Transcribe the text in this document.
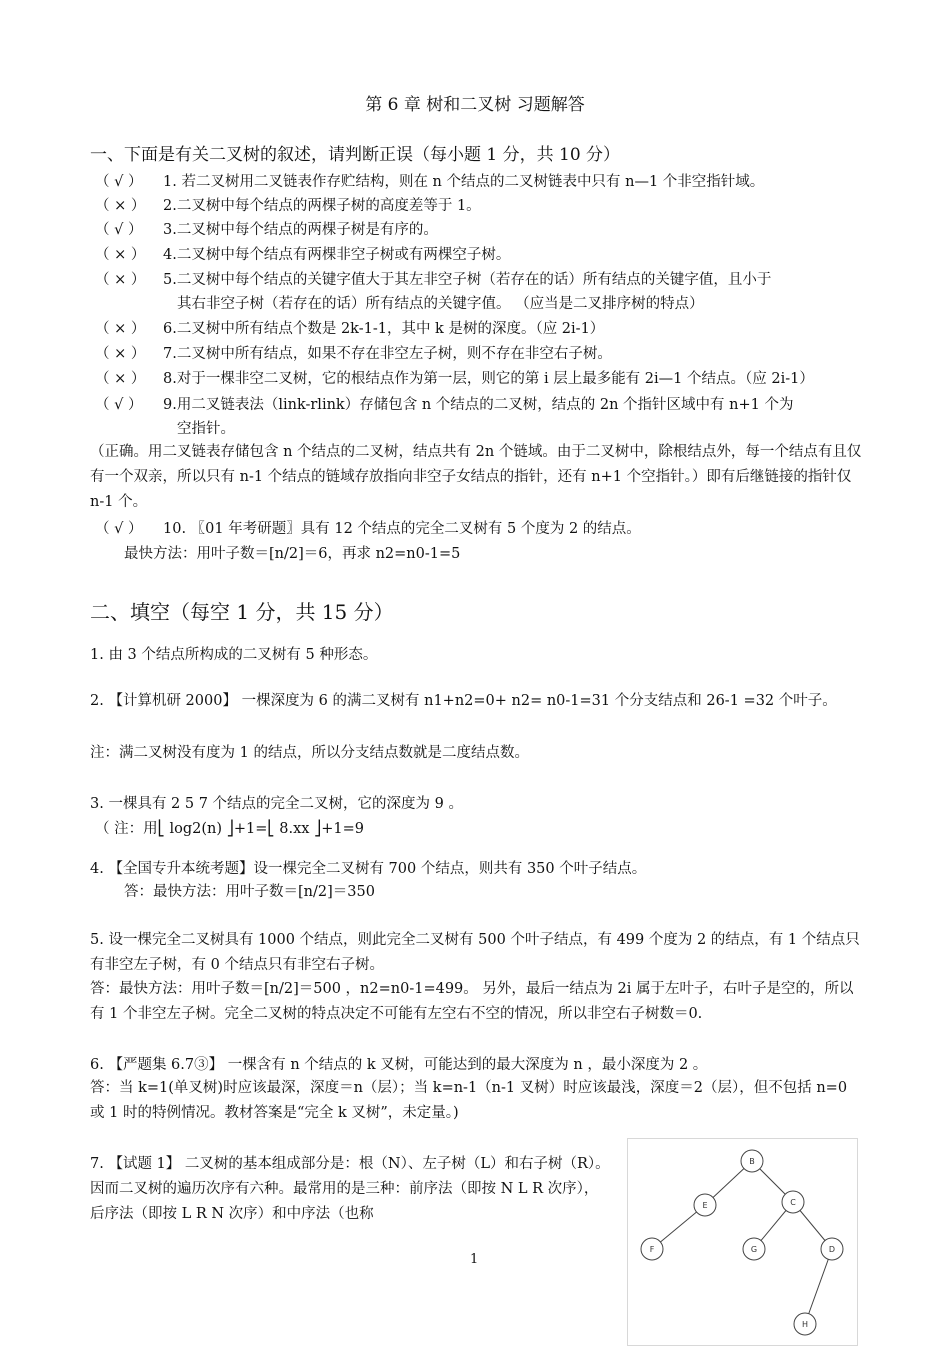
第 6 章 树和二叉树 习题解答
一、下面是有关二叉树的叙述，请判断正误（每小题 1 分，共 10 分）
（ √ ） 1. 若二叉树用二叉链表作存贮结构，则在 n 个结点的二叉树链表中只有 n—1 个非空指针域。
（ × ） 2.二叉树中每个结点的两棵子树的高度差等于 1。
（ √ ） 3.二叉树中每个结点的两棵子树是有序的。
（ × ） 4.二叉树中每个结点有两棵非空子树或有两棵空子树。
（ × ） 5.二叉树中每个结点的关键字值大于其左非空子树（若存在的话）所有结点的关键字值，且小于
其右非空子树（若存在的话）所有结点的关键字值。 （应当是二叉排序树的特点）
（ × ） 6.二叉树中所有结点个数是 2k-1-1，其中 k 是树的深度。（应 2i-1）
（ × ） 7.二叉树中所有结点，如果不存在非空左子树，则不存在非空右子树。
（ × ） 8.对于一棵非空二叉树，它的根结点作为第一层，则它的第 i 层上最多能有 2i—1 个结点。（应 2i-1）
（ √ ） 9.用二叉链表法（link-rlink）存储包含 n 个结点的二叉树，结点的 2n 个指针区域中有 n+1 个为
空指针。
（正确。用二叉链表存储包含 n 个结点的二叉树，结点共有 2n 个链域。由于二叉树中，除根结点外，每一个结点有且仅有一个双亲，所以只有 n-1 个结点的链域存放指向非空子女结点的指针，还有 n+1 个空指针。）即有后继链接的指针仅 n-1 个。
（ √ ） 10. 〖01 年考研题〗具有 12 个结点的完全二叉树有 5 个度为 2 的结点。
最快方法：用叶子数＝[n/2]＝6，再求 n2=n0-1=5
二、填空（每空 1 分，共 15 分）
1. 由 3 个结点所构成的二叉树有 5 种形态。
2. 【计算机研 2000】 一棵深度为 6 的满二叉树有 n1+n2=0+ n2= n0-1=31 个分支结点和 26-1 =32 个叶子。
注：满二叉树没有度为 1 的结点，所以分支结点数就是二度结点数。
3. 一棵具有 2 5 7 个结点的完全二叉树，它的深度为 9 。
（ 注：用⎣ log2(n) ⎦+1=⎣ 8.xx ⎦+1=9
4. 【全国专升本统考题】设一棵完全二叉树有 700 个结点，则共有 350 个叶子结点。
答：最快方法：用叶子数＝[n/2]＝350
5. 设一棵完全二叉树具有 1000 个结点，则此完全二叉树有 500 个叶子结点，有 499 个度为 2 的结点，有 1 个结点只有非空左子树，有 0 个结点只有非空右子树。
答：最快方法：用叶子数＝[n/2]＝500 ，n2=n0-1=499。 另外，最后一结点为 2i 属于左叶子，右叶子是空的，所以有 1 个非空左子树。完全二叉树的特点决定不可能有左空右不空的情况，所以非空右子树数＝0.
6. 【严题集 6.7③】 一棵含有 n 个结点的 k 叉树，可能达到的最大深度为 n ，最小深度为 2 。
答：当 k=1(单叉树)时应该最深，深度＝n（层）；当 k=n-1（n-1 叉树）时应该最浅，深度＝2（层），但不包括 n=0 或 1 时的特例情况。教材答案是“完全 k 叉树”，未定量。)
7. 【试题 1】 二叉树的基本组成部分是：根（N）、左子树（L）和右子树（R）。因而二叉树的遍历次序有六种。最常用的是三种：前序法（即按 N L R 次序），后序法（即按 L R N 次序）和中序法（也称
B
E	C
F	G	D
H
1
